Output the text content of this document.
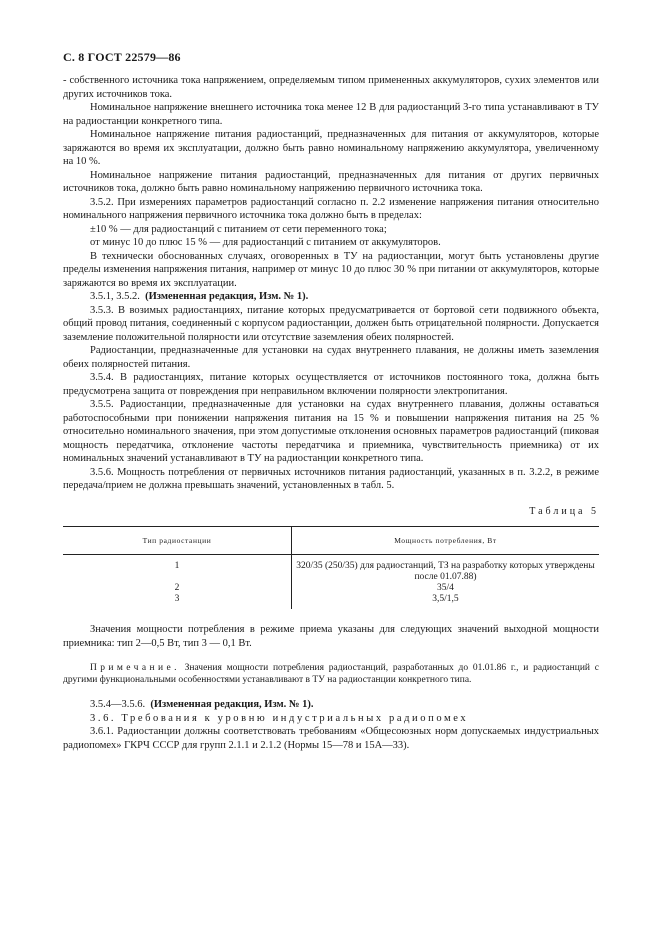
С. 8 ГОСТ 22579—86

- собственного источника тока напряжением, определяемым типом примененных аккумуляторов, сухих элементов или других источников тока.

Номинальное напряжение внешнего источника тока менее 12 В для радиостанций 3-го типа устанавливают в ТУ на радиостанции конкретного типа.

Номинальное напряжение питания радиостанций, предназначенных для питания от аккумуляторов, которые заряжаются во время их эксплуатации, должно быть равно номинальному напряжению аккумулятора, увеличенному на 10 %.

Номинальное напряжение питания радиостанций, предназначенных для питания от других первичных источников тока, должно быть равно номинальному напряжению первичного источника тока.

3.5.2. При измерениях параметров радиостанций согласно п. 2.2 изменение напряжения питания относительно номинального напряжения первичного источника тока должно быть в пределах:

±10 % — для радиостанций с питанием от сети переменного тока;

от минус 10 до плюс 15 % — для радиостанций с питанием от аккумуляторов.

В технически обоснованных случаях, оговоренных в ТУ на радиостанции, могут быть установлены другие пределы изменения напряжения питания, например от минус 10 до плюс 30 % при питании от аккумуляторов, которые заряжаются во время их эксплуатации.

3.5.1, 3.5.2. (Измененная редакция, Изм. № 1).

3.5.3. В возимых радиостанциях, питание которых предусматривается от бортовой сети подвижного объекта, общий провод питания, соединенный с корпусом радиостанции, должен быть отрицательной полярности. Допускается заземление положительной полярности или отсутствие заземления обеих полярностей.

Радиостанции, предназначенные для установки на судах внутреннего плавания, не должны иметь заземления обеих полярностей питания.

3.5.4. В радиостанциях, питание которых осуществляется от источников постоянного тока, должна быть предусмотрена защита от повреждения при неправильном включении полярности электропитания.

3.5.5. Радиостанции, предназначенные для установки на судах внутреннего плавания, должны оставаться работоспособными при понижении напряжения питания на 15 % и повышении напряжения питания на 25 % относительно номинального значения, при этом допустимые отклонения основных параметров радиостанций (пиковая мощность передатчика, отклонение частоты передатчика и приемника, чувствительность приемника) от их номинальных значений устанавливают в ТУ на радиостанции конкретного типа.

3.5.6. Мощность потребления от первичных источников питания радиостанций, указанных в п. 3.2.2, в режиме передача/прием не должна превышать значений, установленных в табл. 5.

Таблица 5
Тип радиостанции	Мощность потребления, Вт
1	320/35 (250/35) для радиостанций, ТЗ на разработку которых утверждены после 01.07.88)
2	35/4
3	3,5/1,5

Значения мощности потребления в режиме приема указаны для следующих значений выходной мощности приемника: тип 2—0,5 Вт, тип 3 — 0,1 Вт.

Примечание. Значения мощности потребления радиостанций, разработанных до 01.01.86 г., и радиостанций с другими функциональными особенностями устанавливают в ТУ на радиостанции конкретного типа.

3.5.4—3.5.6. (Измененная редакция, Изм. № 1).

3.6. Требования к уровню индустриальных радиопомех

3.6.1. Радиостанции должны соответствовать требованиям «Общесоюзных норм допускаемых индустриальных радиопомех» ГКРЧ СССР для групп 2.1.1 и 2.1.2 (Нормы 15—78 и 15А—33).
